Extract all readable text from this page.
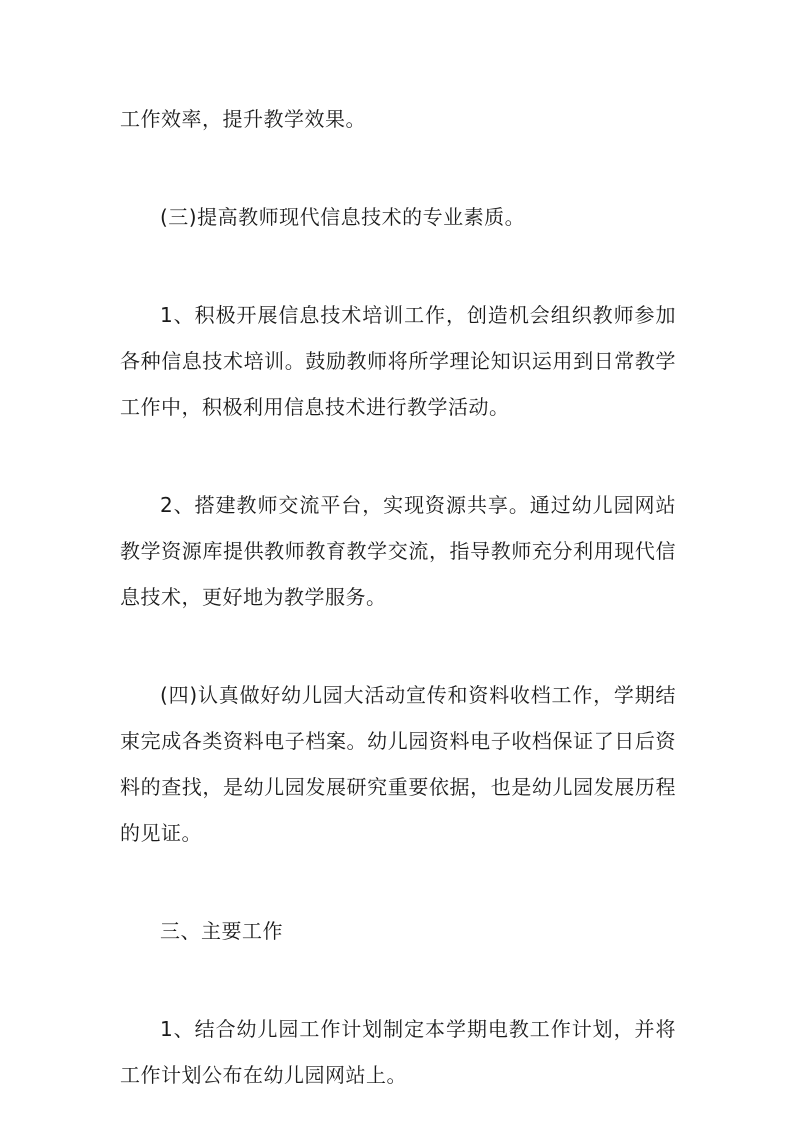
工作效率，提升教学效果。

(三)提高教师现代信息技术的专业素质。

1、积极开展信息技术培训工作，创造机会组织教师参加各种信息技术培训。鼓励教师将所学理论知识运用到日常教学工作中，积极利用信息技术进行教学活动。

2、搭建教师交流平台，实现资源共享。通过幼儿园网站教学资源库提供教师教育教学交流，指导教师充分利用现代信息技术，更好地为教学服务。

(四)认真做好幼儿园大活动宣传和资料收档工作，学期结束完成各类资料电子档案。幼儿园资料电子收档保证了日后资料的查找，是幼儿园发展研究重要依据，也是幼儿园发展历程的见证。

三、主要工作

1、结合幼儿园工作计划制定本学期电教工作计划，并将工作计划公布在幼儿园网站上。
